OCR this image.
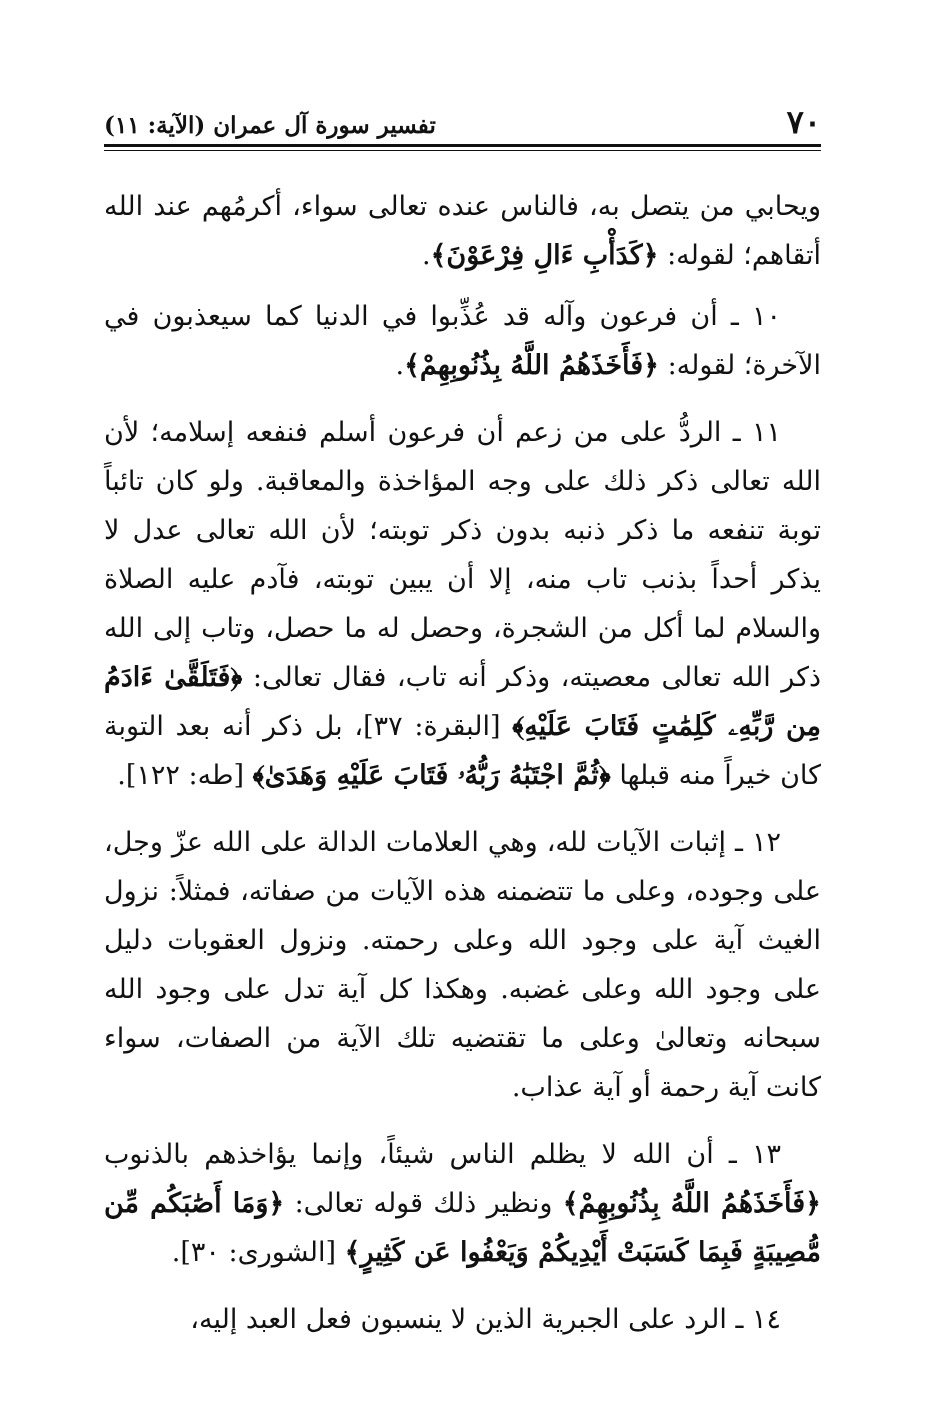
٧٠
تفسير سورة آل عمران (الآية: ١١)

ويحابي من يتصل به، فالناس عنده تعالى سواء، أكرمُهم عند الله أتقاهم؛ لقوله: ﴿كَدَأْبِ ءَالِ فِرْعَوْنَ﴾.

١٠ ـ أن فرعون وآله قد عُذِّبوا في الدنيا كما سيعذبون في الآخرة؛ لقوله: ﴿فَأَخَذَهُمُ اللَّهُ بِذُنُوبِهِمْ﴾.

١١ ـ الردُّ على من زعم أن فرعون أسلم فنفعه إسلامه؛ لأن الله تعالى ذكر ذلك على وجه المؤاخذة والمعاقبة. ولو كان تائباً توبة تنفعه ما ذكر ذنبه بدون ذكر توبته؛ لأن الله تعالى عدل لا يذكر أحداً بذنب تاب منه، إلا أن يبين توبته، فآدم عليه الصلاة والسلام لما أكل من الشجرة، وحصل له ما حصل، وتاب إلى الله ذكر الله تعالى معصيته، وذكر أنه تاب، فقال تعالى: ﴿فَتَلَقَّىٰ ءَادَمُ مِن رَّبِّهِۦ كَلِمَٰتٍ فَتَابَ عَلَيْهِ﴾ [البقرة: ٣٧]، بل ذكر أنه بعد التوبة كان خيراً منه قبلها ﴿ثُمَّ اجْتَبَٰهُ رَبُّهُۥ فَتَابَ عَلَيْهِ وَهَدَىٰ﴾ [طه: ١٢٢].

١٢ ـ إثبات الآيات لله، وهي العلامات الدالة على الله عزّ وجل، على وجوده، وعلى ما تتضمنه هذه الآيات من صفاته، فمثلاً: نزول الغيث آية على وجود الله وعلى رحمته. ونزول العقوبات دليل على وجود الله وعلى غضبه. وهكذا كل آية تدل على وجود الله سبحانه وتعالىٰ وعلى ما تقتضيه تلك الآية من الصفات، سواء كانت آية رحمة أو آية عذاب.

١٣ ـ أن الله لا يظلم الناس شيئاً، وإنما يؤاخذهم بالذنوب ﴿فَأَخَذَهُمُ اللَّهُ بِذُنُوبِهِمْ﴾ ونظير ذلك قوله تعالى: ﴿وَمَا أَصَٰبَكُم مِّن مُّصِيبَةٍ فَبِمَا كَسَبَتْ أَيْدِيكُمْ وَيَعْفُوا عَن كَثِيرٍ﴾ [الشورى: ٣٠].

١٤ ـ الرد على الجبرية الذين لا ينسبون فعل العبد إليه،
